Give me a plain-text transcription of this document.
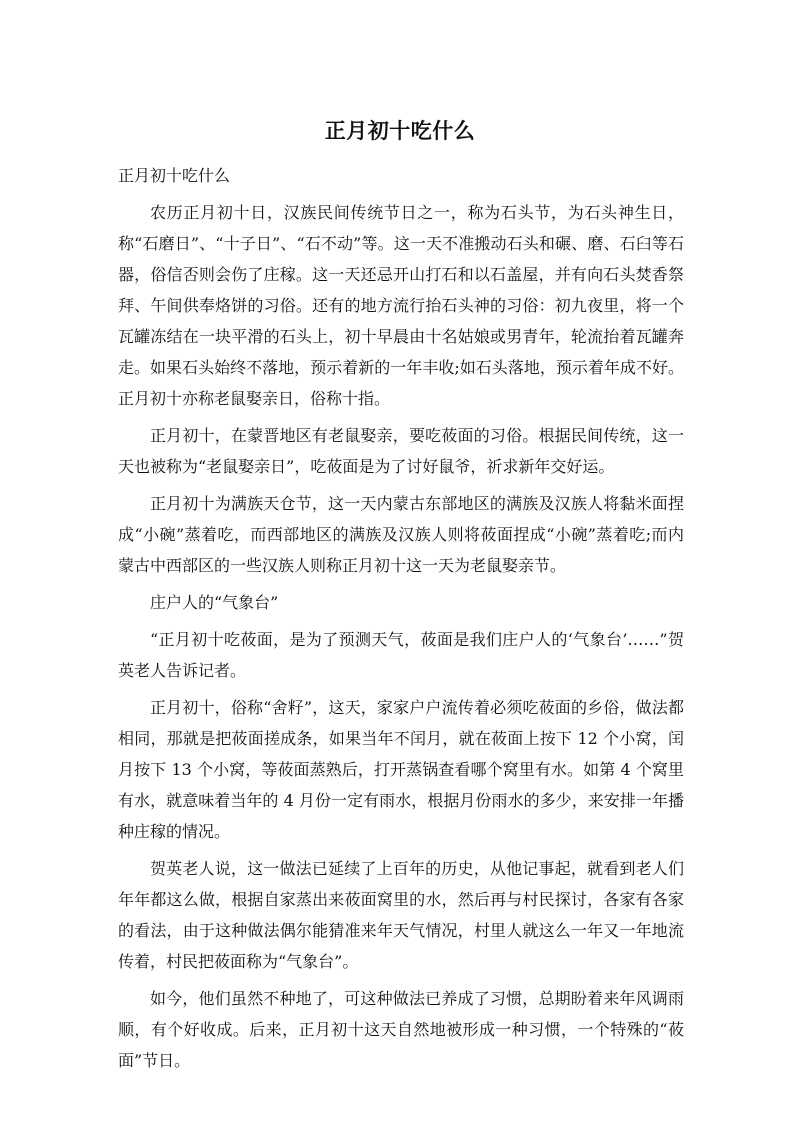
正月初十吃什么

正月初十吃什么

农历正月初十日，汉族民间传统节日之一，称为石头节，为石头神生日，称“石磨日”、“十子日”、“石不动”等。这一天不准搬动石头和碾、磨、石臼等石器，俗信否则会伤了庄稼。这一天还忌开山打石和以石盖屋，并有向石头焚香祭拜、午间供奉烙饼的习俗。还有的地方流行抬石头神的习俗：初九夜里，将一个瓦罐冻结在一块平滑的石头上，初十早晨由十名姑娘或男青年，轮流抬着瓦罐奔走。如果石头始终不落地，预示着新的一年丰收;如石头落地，预示着年成不好。正月初十亦称老鼠娶亲日，俗称十指。

正月初十，在蒙晋地区有老鼠娶亲，要吃莜面的习俗。根据民间传统，这一天也被称为“老鼠娶亲日”，吃莜面是为了讨好鼠爷，祈求新年交好运。

正月初十为满族天仓节，这一天内蒙古东部地区的满族及汉族人将黏米面捏成“小碗”蒸着吃，而西部地区的满族及汉族人则将莜面捏成“小碗”蒸着吃;而内蒙古中西部区的一些汉族人则称正月初十这一天为老鼠娶亲节。

庄户人的“气象台”

“正月初十吃莜面，是为了预测天气，莜面是我们庄户人的‘气象台’……”贺英老人告诉记者。

正月初十，俗称“舍籽”，这天，家家户户流传着必须吃莜面的乡俗，做法都相同，那就是把莜面搓成条，如果当年不闰月，就在莜面上按下 12 个小窝，闰月按下 13 个小窝，等莜面蒸熟后，打开蒸锅查看哪个窝里有水。如第 4 个窝里有水，就意味着当年的 4 月份一定有雨水，根据月份雨水的多少，来安排一年播种庄稼的情况。

贺英老人说，这一做法已延续了上百年的历史，从他记事起，就看到老人们年年都这么做，根据自家蒸出来莜面窝里的水，然后再与村民探讨，各家有各家的看法，由于这种做法偶尔能猜准来年天气情况，村里人就这么一年又一年地流传着，村民把莜面称为“气象台”。

如今，他们虽然不种地了，可这种做法已养成了习惯，总期盼着来年风调雨顺，有个好收成。后来，正月初十这天自然地被形成一种习惯，一个特殊的“莜面”节日。
